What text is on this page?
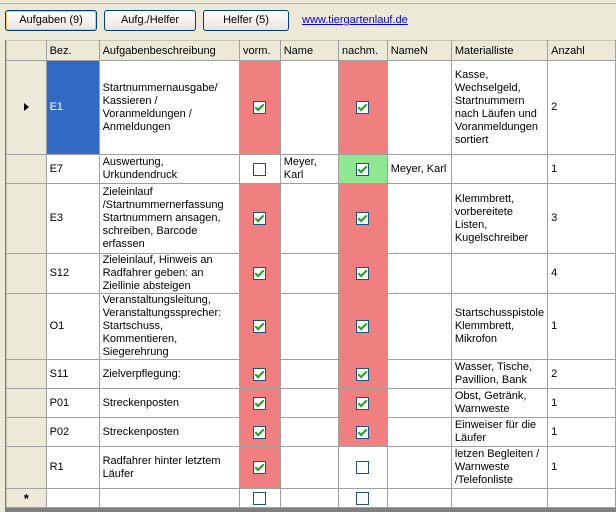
Aufgaben (9)	Aufg./Helfer	Helfer (5)	www.tiergartenlauf.de
	Bez.	Aufgabenbeschreibung	vorm.	Name	nachm.	NameN	Materialliste	Anzahl
	E1	Startnummernausgabe/ Kassieren / Voranmeldungen / Anmeldungen					Kasse, Wechselgeld, Startnummern nach Läufen und Voranmeldungen sortiert	2
	E7	Auswertung, Urkundendruck		Meyer, Karl		Meyer, Karl		1
	E3	Zieleinlauf /Startnummernerfassung Startnummern ansagen, schreiben, Barcode erfassen					Klemmbrett, vorbereitete Listen, Kugelschreiber	3
	S12	Zieleinlauf, Hinweis an Radfahrer geben: an Ziellinie absteigen						4
	O1	Veranstaltungsleitung, Veranstaltungssprecher: Startschuss, Kommentieren, Siegerehrung					Startschusspistole Klemmbrett, Mikrofon	1
	S11	Zielverpflegung:					Wasser, Tische, Pavillion, Bank	2
	P01	Streckenposten					Obst, Getränk, Warnweste	1
	P02	Streckenposten					Einweiser für die Läufer	1
	R1	Radfahrer hinter letztem Läufer					letzen Begleiten / Warnweste /Telefonliste	1
*								
